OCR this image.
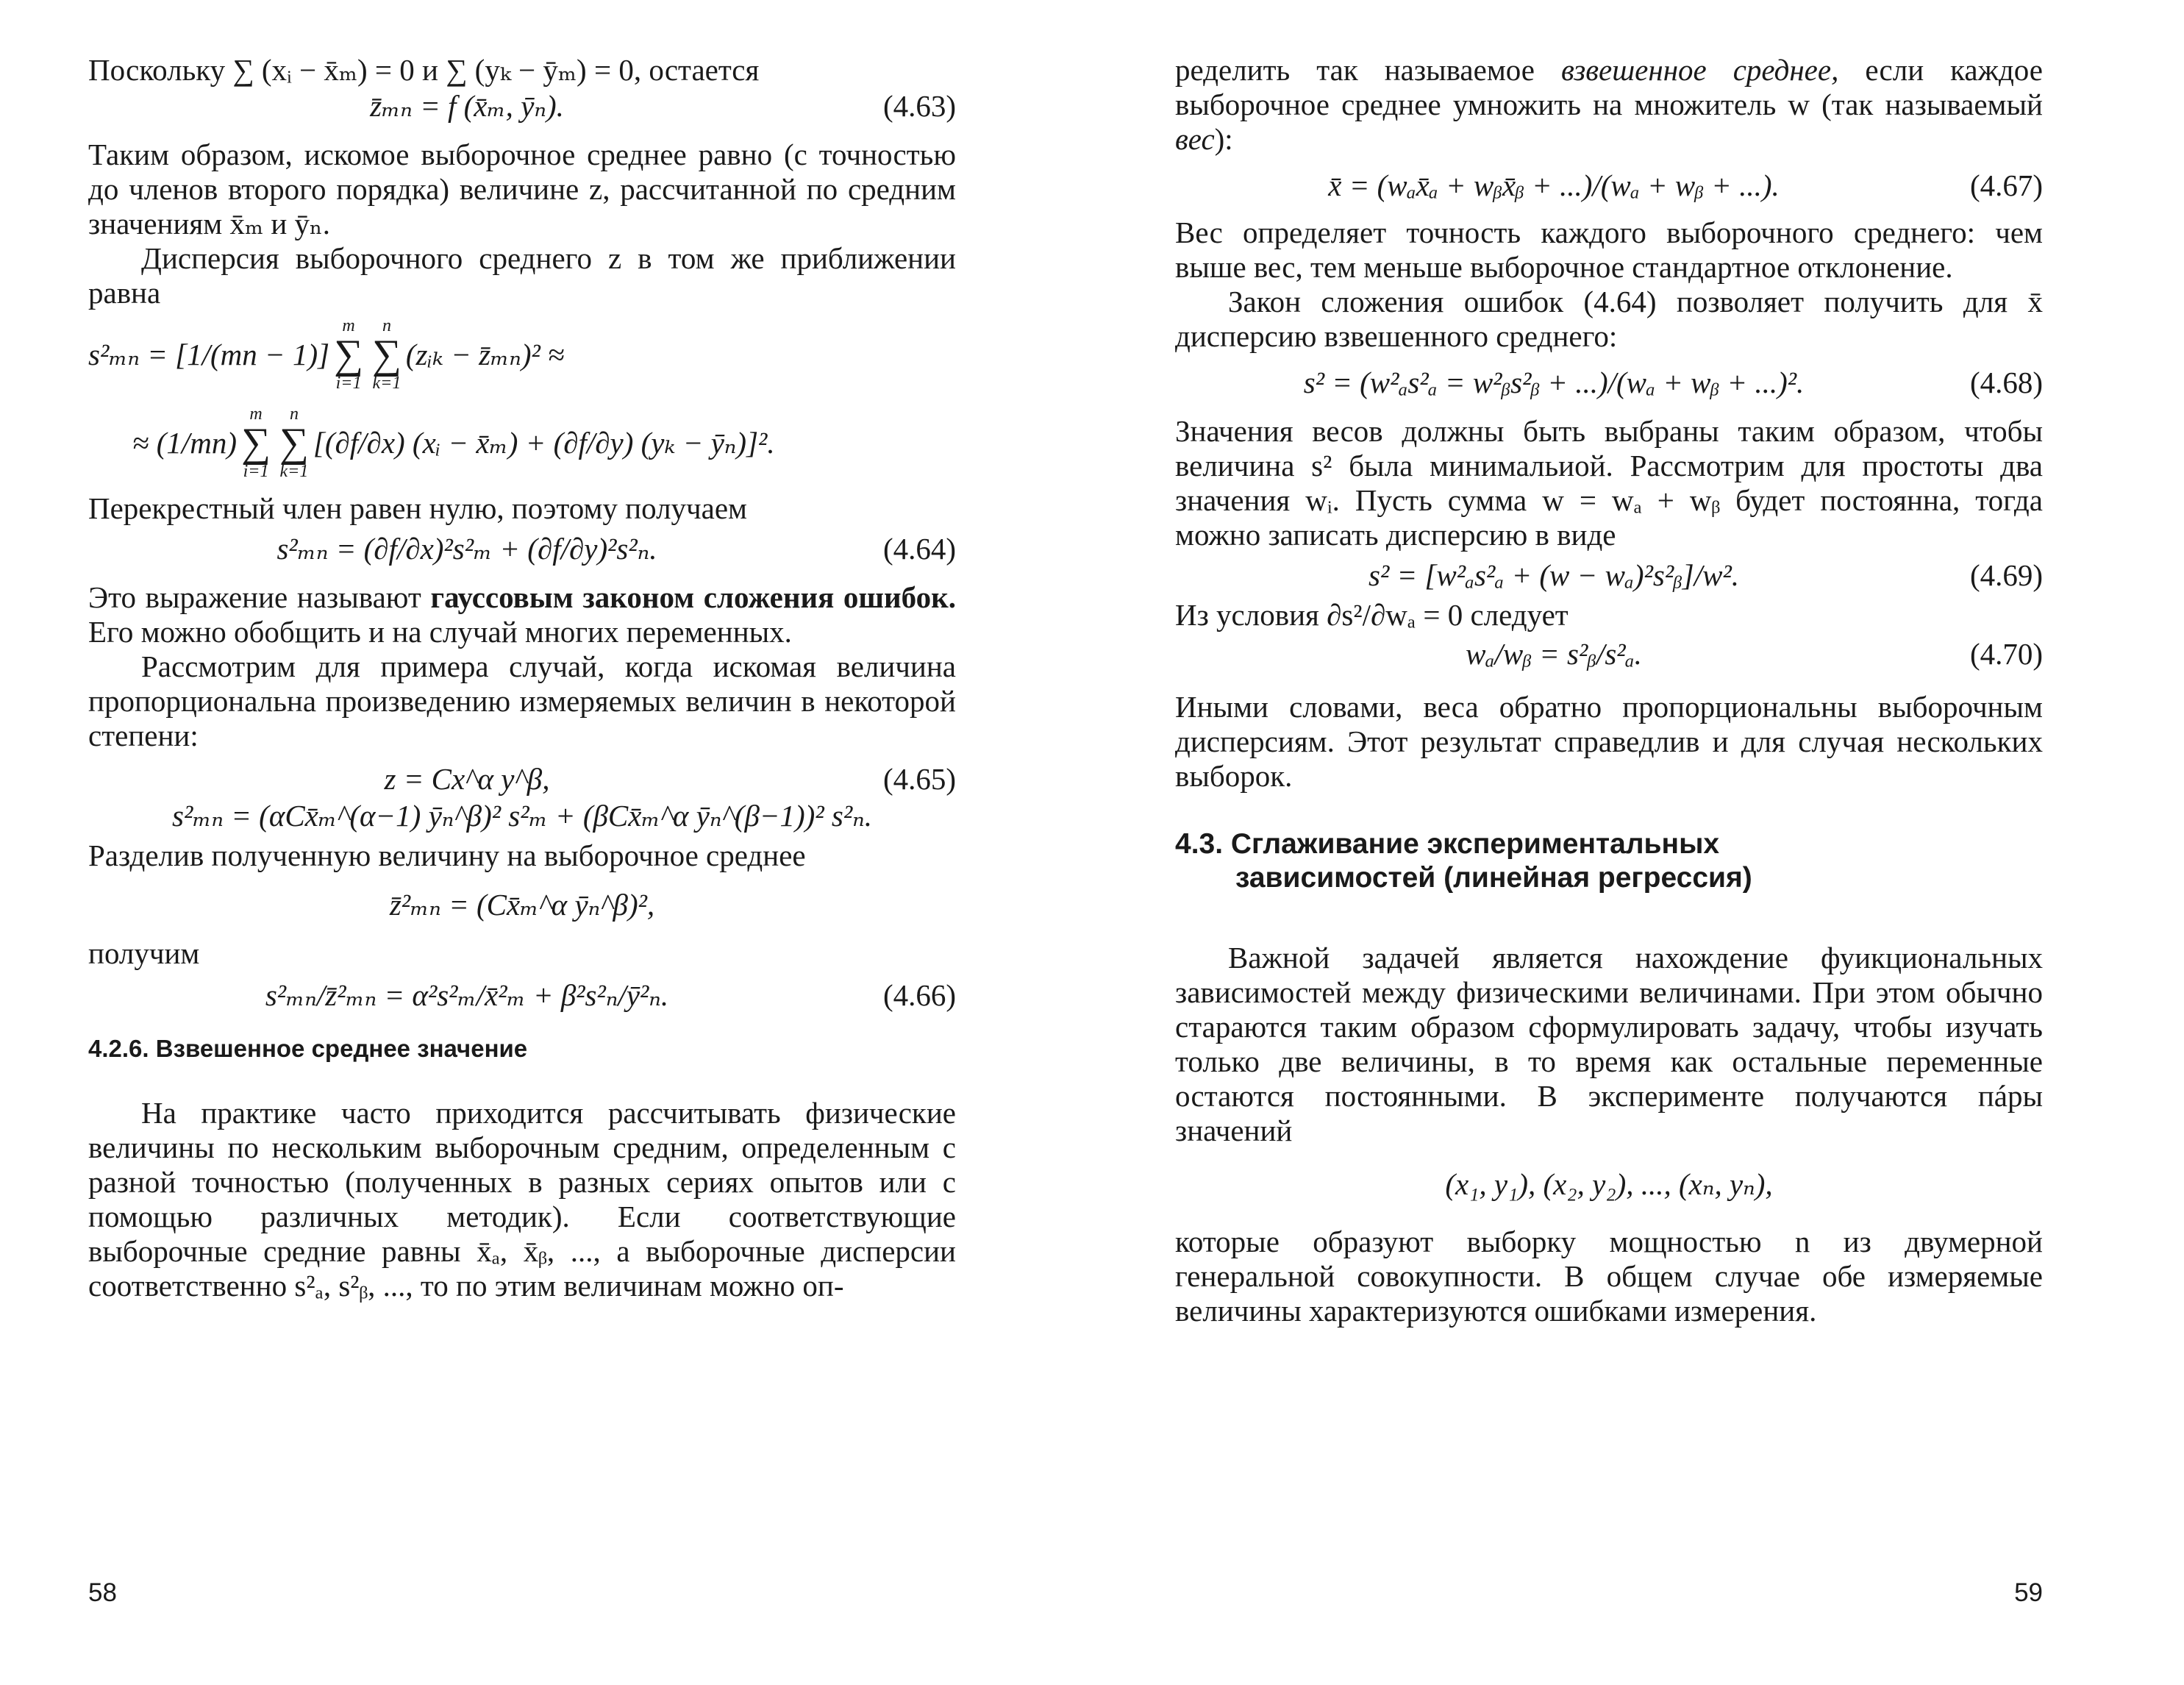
Поскольку ∑ (xᵢ − x̄ₘ) = 0 и ∑ (yₖ − ȳₘ) = 0, остается

z̄ₘₙ = f (x̄ₘ, ȳₙ).	(4.63)

Таким образом, искомое выборочное среднее равно (с точностью до членов второго порядка) величине z, рассчитанной по средним значениям x̄ₘ и ȳₙ.

Дисперсия выборочного среднего z в том же приближении равна

s²ₘₙ = [1/(mn − 1)]
m
∑
i=1
n
∑
k=1
(zᵢₖ − z̄ₘₙ)² ≈
≈ (1/mn)
m
∑
i=1
n
∑
k=1
[(∂f/∂x) (xᵢ − x̄ₘ) + (∂f/∂y) (yₖ − ȳₙ)]².

Перекрестный член равен нулю, поэтому получаем

s²ₘₙ = (∂f/∂x)²s²ₘ + (∂f/∂y)²s²ₙ.	(4.64)

Это выражение называют гауссовым законом сложения ошибок. Его можно обобщить и на случай многих переменных.

Рассмотрим для примера случай, когда искомая величина пропорциональна произведению измеряемых величин в некоторой степени:

z = Cx^α y^β,	(4.65)
s²ₘₙ = (αCx̄ₘ^(α−1) ȳₙ^β)² s²ₘ + (βCx̄ₘ^α ȳₙ^(β−1))² s²ₙ.

Разделив полученную величину на выборочное среднее

z̄²ₘₙ = (Cx̄ₘ^α ȳₙ^β)²,

получим

s²ₘₙ/z̄²ₘₙ = α²s²ₘ/x̄²ₘ + β²s²ₙ/ȳ²ₙ.	(4.66)
4.2.6. Взвешенное среднее значение

На практике часто приходится рассчитывать физические величины по нескольким выборочным средним, определенным с разной точностью (полученных в разных сериях опытов или с помощью различных методик). Если соответствующие выборочные средние равны x̄ₐ, x̄ᵦ, ..., а выборочные дисперсии соответственно s²ₐ, s²ᵦ, ..., то по этим величинам можно оп-

58

ределить так называемое взвешенное среднее, если каждое выборочное среднее умножить на множитель w (так называемый вес):

x̄ = (wₐx̄ₐ + wᵦx̄ᵦ + ...)/(wₐ + wᵦ + ...).	(4.67)

Вес определяет точность каждого выборочного среднего: чем выше вес, тем меньше выборочное стандартное отклонение.

Закон сложения ошибок (4.64) позволяет получить для x̄ дисперсию взвешенного среднего:

s² = (w²ₐs²ₐ = w²ᵦs²ᵦ + ...)/(wₐ + wᵦ + ...)².	(4.68)

Значения весов должны быть выбраны таким образом, чтобы величина s² была минимальиой. Рассмотрим для простоты два значения wᵢ. Пусть сумма w = wₐ + wᵦ будет постоянна, тогда можно записать дисперсию в виде

s² = [w²ₐs²ₐ + (w − wₐ)²s²ᵦ]/w².	(4.69)

Из условия ∂s²/∂wₐ = 0 следует

wₐ/wᵦ = s²ᵦ/s²ₐ.	(4.70)

Иными словами, веса обратно пропорциональны выборочным дисперсиям. Этот результат справедлив и для случая нескольких выборок.

4.3. Сглаживание экспериментальных
зависимостей (линейная регрессия)

Важной задачей является нахождение фуикциональных зависимостей между физическими величинами. При этом обычно стараются таким образом сформулировать задачу, чтобы изучать только две величины, в то время как остальные переменные остаются постоянными. В эксперименте получаются пáры значений

(x₁, y₁), (x₂, y₂), ..., (xₙ, yₙ),

которые образуют выборку мощностью n из двумерной генеральной совокупности. В общем случае обе измеряемые величины характеризуются ошибками измерения.

59
